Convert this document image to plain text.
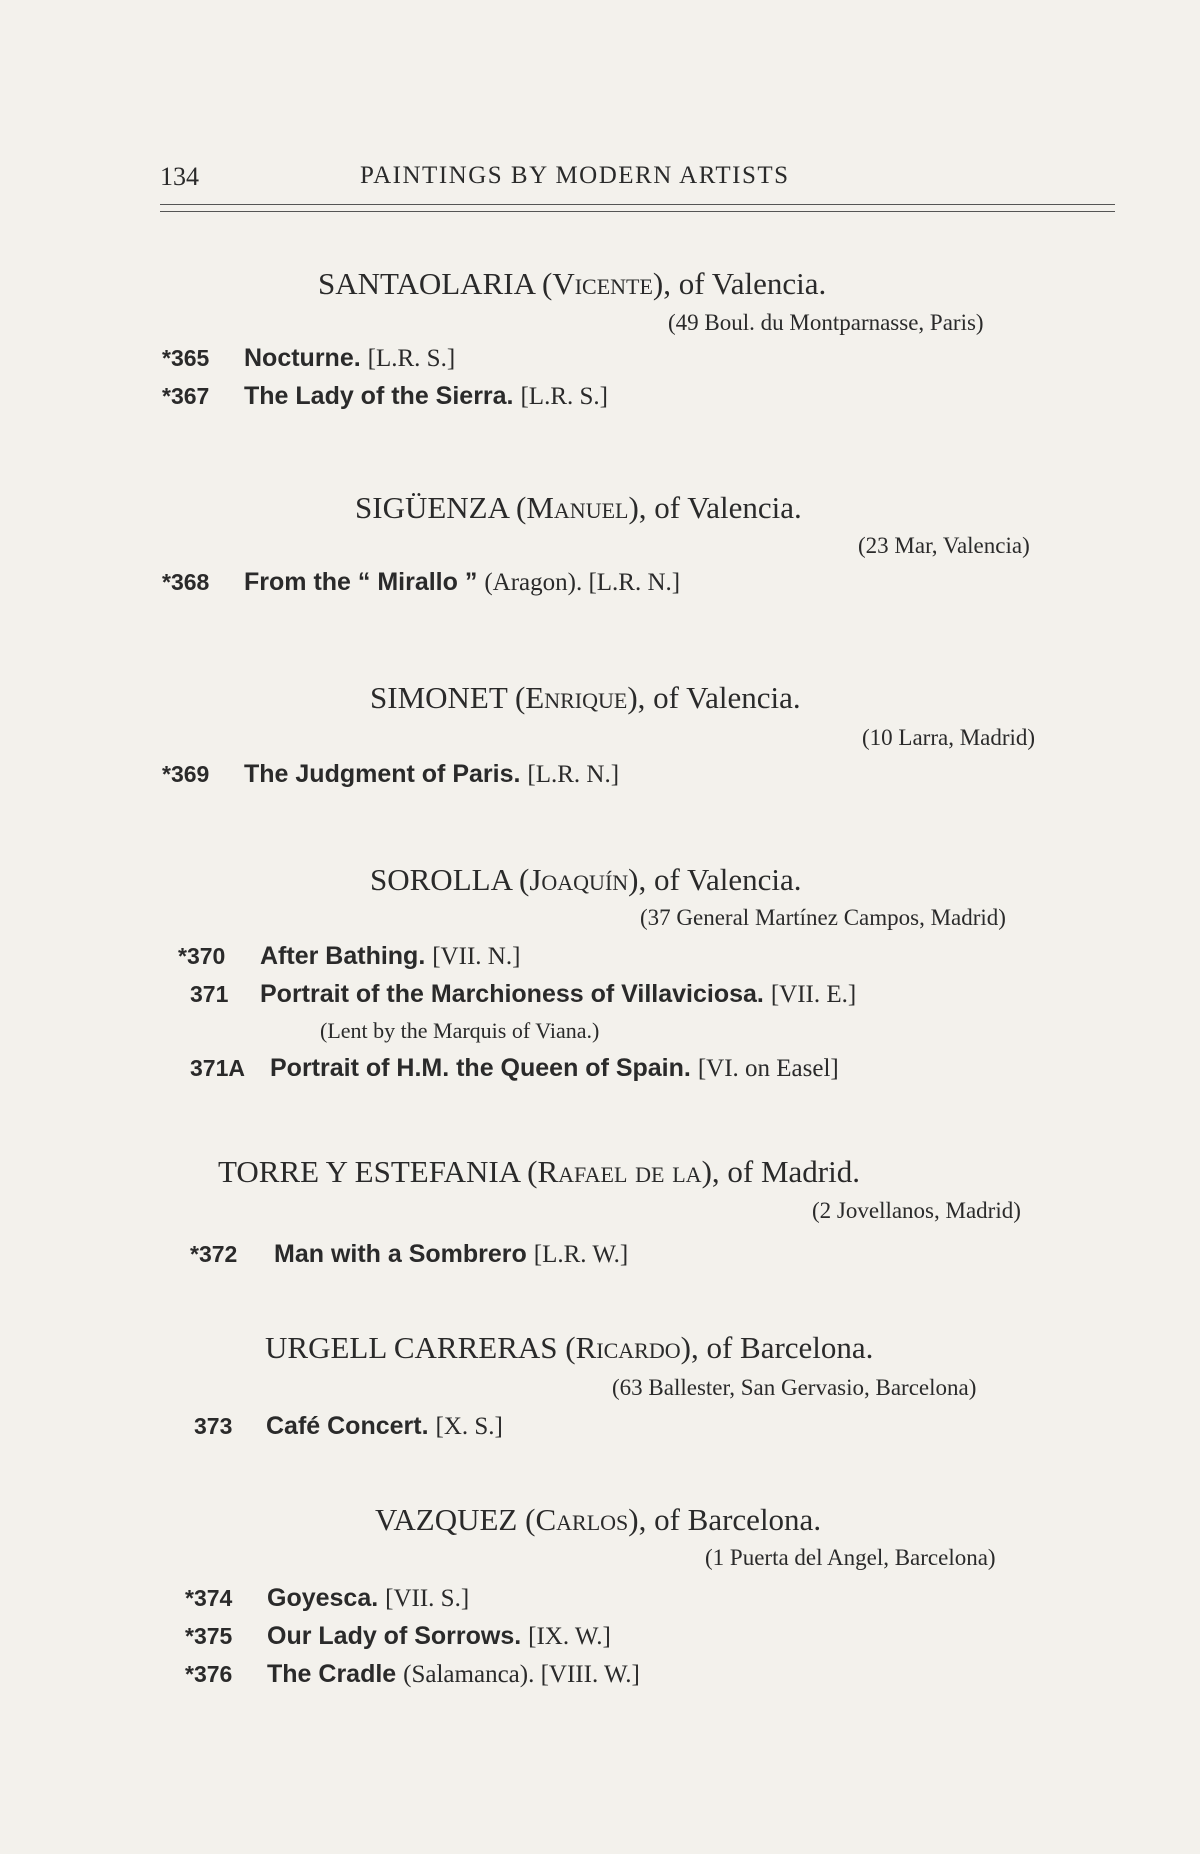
134	PAINTINGS BY MODERN ARTISTS
SANTAOLARIA (Vicente), of Valencia.
(49 Boul. du Montparnasse, Paris)
*365 Nocturne. [L.R. S.]
*367 The Lady of the Sierra. [L.R. S.]
SIGÜENZA (Manuel), of Valencia.
(23 Mar, Valencia)
*368 From the “ Mirallo ” (Aragon). [L.R. N.]
SIMONET (Enrique), of Valencia.
(10 Larra, Madrid)
*369 The Judgment of Paris. [L.R. N.]
SOROLLA (Joaquín), of Valencia.
(37 General Martínez Campos, Madrid)
*370 After Bathing. [VII. N.]
371 Portrait of the Marchioness of Villaviciosa. [VII. E.]
(Lent by the Marquis of Viana.)
371A Portrait of H.M. the Queen of Spain. [VI. on Easel]
TORRE Y ESTEFANIA (Rafael de la), of Madrid.
(2 Jovellanos, Madrid)
*372 Man with a Sombrero [L.R. W.]
URGELL CARRERAS (Ricardo), of Barcelona.
(63 Ballester, San Gervasio, Barcelona)
373 Café Concert. [X. S.]
VAZQUEZ (Carlos), of Barcelona.
(1 Puerta del Angel, Barcelona)
*374 Goyesca. [VII. S.]
*375 Our Lady of Sorrows. [IX. W.]
*376 The Cradle (Salamanca). [VIII. W.]
